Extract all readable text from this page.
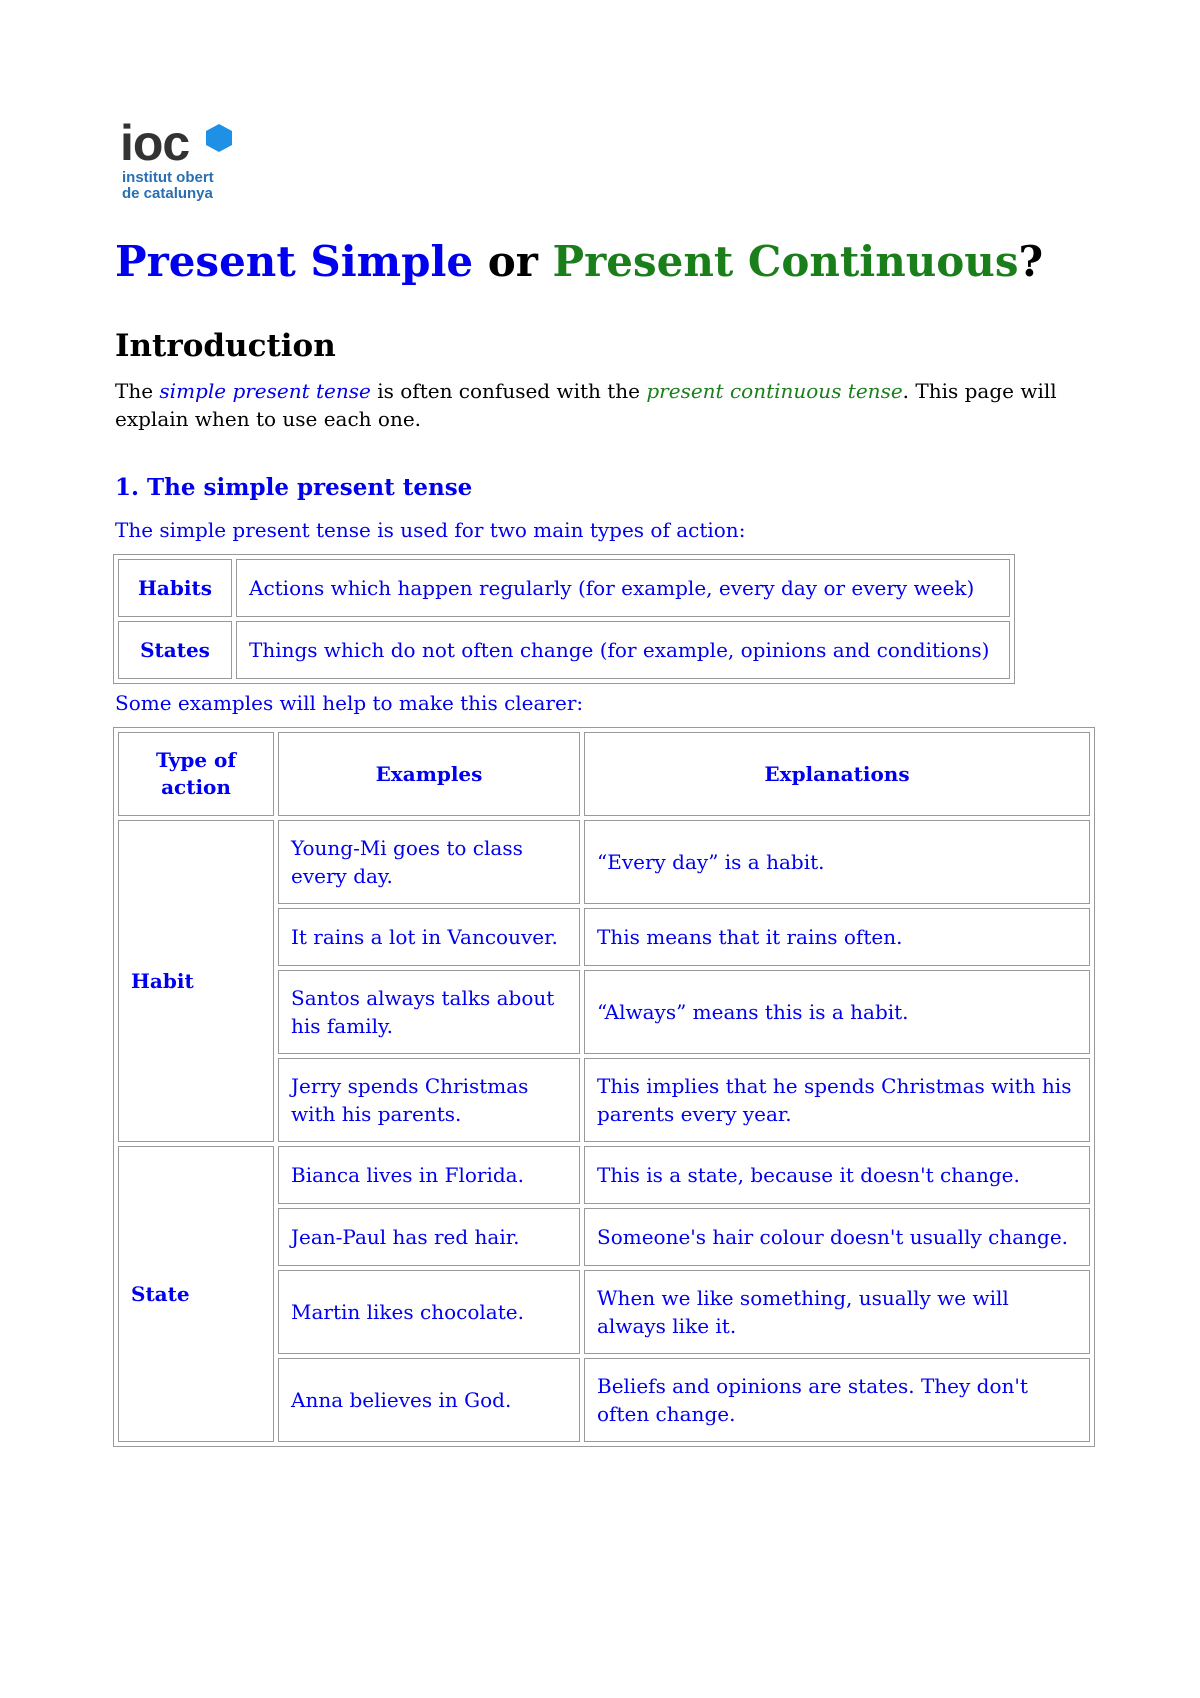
ioc
institut obert
de catalunya
Present Simple or Present Continuous?
Introduction

The simple present tense is often confused with the present continuous tense. This page will explain when to use each one.

1. The simple present tense

The simple present tense is used for two main types of action:

Habits	Actions which happen regularly (for example, every day or every week)
States	Things which do not often change (for example, opinions and conditions)

Some examples will help to make this clearer:

Type of action	Examples	Explanations
Habit	Young-Mi goes to class every day.	“Every day” is a habit.
	It rains a lot in Vancouver.	This means that it rains often.
	Santos always talks about his family.	“Always” means this is a habit.
	Jerry spends Christmas with his parents.	This implies that he spends Christmas with his parents every year.
State	Bianca lives in Florida.	This is a state, because it doesn't change.
	Jean-Paul has red hair.	Someone's hair colour doesn't usually change.
	Martin likes chocolate.	When we like something, usually we will always like it.
	Anna believes in God.	Beliefs and opinions are states. They don't often change.
